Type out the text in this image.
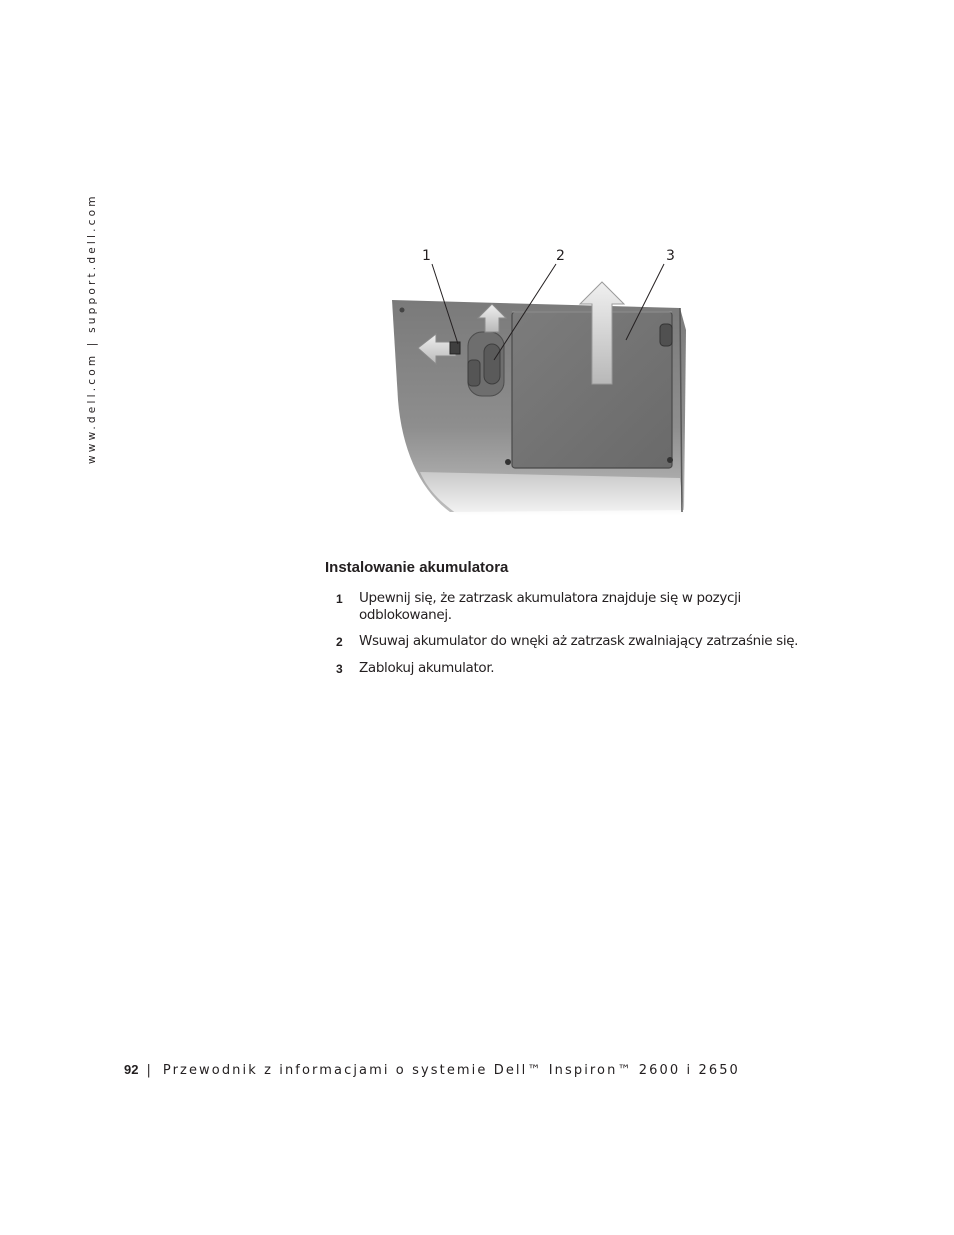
www.dell.com | support.dell.com	1	2	3
Instalowanie akumulatora
1	Upewnij się, że zatrzask akumulatora znajduje się w pozycji odblokowanej.
2	Wsuwaj akumulator do wnęki aż zatrzask zwalniający zatrzaśnie się.
3	Zablokuj akumulator.
92 | Przewodnik z informacjami o systemie Dell™ Inspiron™ 2600 i 2650
